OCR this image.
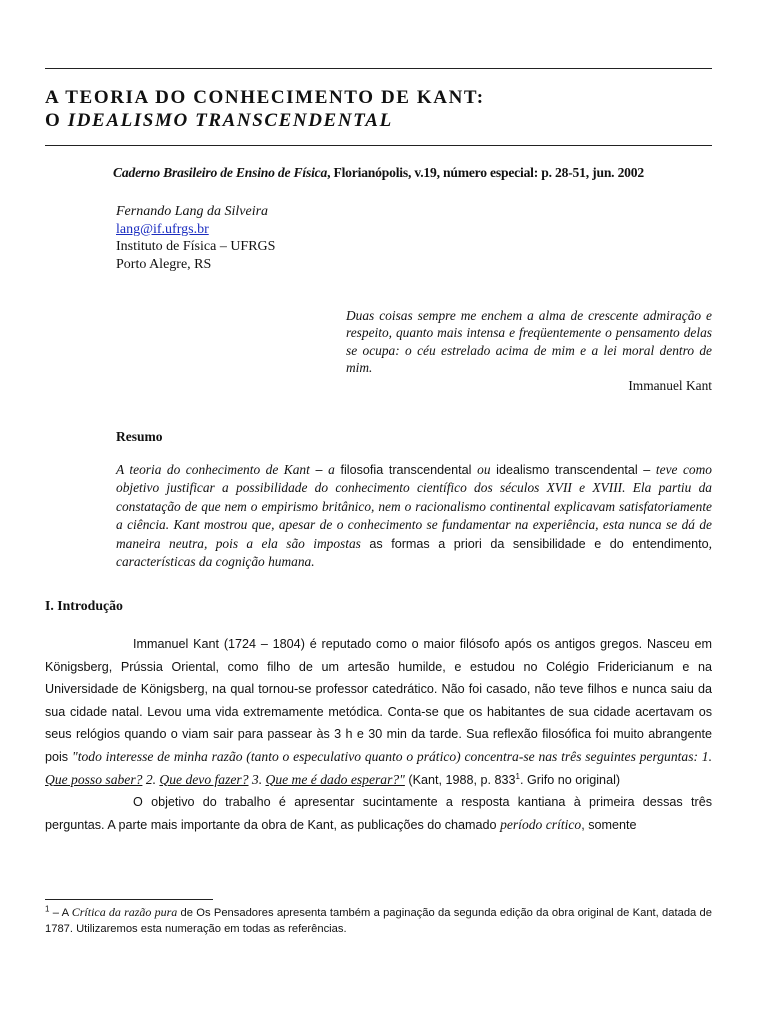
A TEORIA DO CONHECIMENTO DE KANT:
O IDEALISMO TRANSCENDENTAL
Caderno Brasileiro de Ensino de Física, Florianópolis, v.19, número especial: p. 28-51, jun. 2002
Fernando Lang da Silveira
lang@if.ufrgs.br
Instituto de Física – UFRGS
Porto Alegre, RS
Duas coisas sempre me enchem a alma de crescente admiração e respeito, quanto mais intensa e freqüentemente o pensamento delas se ocupa: o céu estrelado acima de mim e a lei moral dentro de mim.
Immanuel Kant
Resumo
A teoria do conhecimento de Kant – a filosofia transcendental ou idealismo transcendental – teve como objetivo justificar a possibilidade do conhecimento científico dos séculos XVII e XVIII. Ela partiu da constatação de que nem o empirismo britânico, nem o racionalismo continental explicavam satisfatoriamente a ciência. Kant mostrou que, apesar de o conhecimento se fundamentar na experiência, esta nunca se dá de maneira neutra, pois a ela são impostas as formas a priori da sensibilidade e do entendimento, características da cognição humana.
I. Introdução

Immanuel Kant (1724 – 1804) é reputado como o maior filósofo após os antigos gregos. Nasceu em Königsberg, Prússia Oriental, como filho de um artesão humilde, e estudou no Colégio Fridericianum e na Universidade de Königsberg, na qual tornou-se professor catedrático. Não foi casado, não teve filhos e nunca saiu da sua cidade natal. Levou uma vida extremamente metódica. Conta-se que os habitantes de sua cidade acertavam os seus relógios quando o viam sair para passear às 3 h e 30 min da tarde. Sua reflexão filosófica foi muito abrangente pois "todo interesse de minha razão (tanto o especulativo quanto o prático) concentra-se nas três seguintes perguntas: 1. Que posso saber? 2. Que devo fazer? 3. Que me é dado esperar?" (Kant, 1988, p. $833^1$. Grifo no original)

O objetivo do trabalho é apresentar sucintamente a resposta kantiana à primeira dessas três perguntas. A parte mais importante da obra de Kant, as publicações do chamado período crítico, somente

$^1$ – A Crítica da razão pura de Os Pensadores apresenta também a paginação da segunda edição da obra original de Kant, datada de 1787. Utilizaremos esta numeração em todas as referências.
